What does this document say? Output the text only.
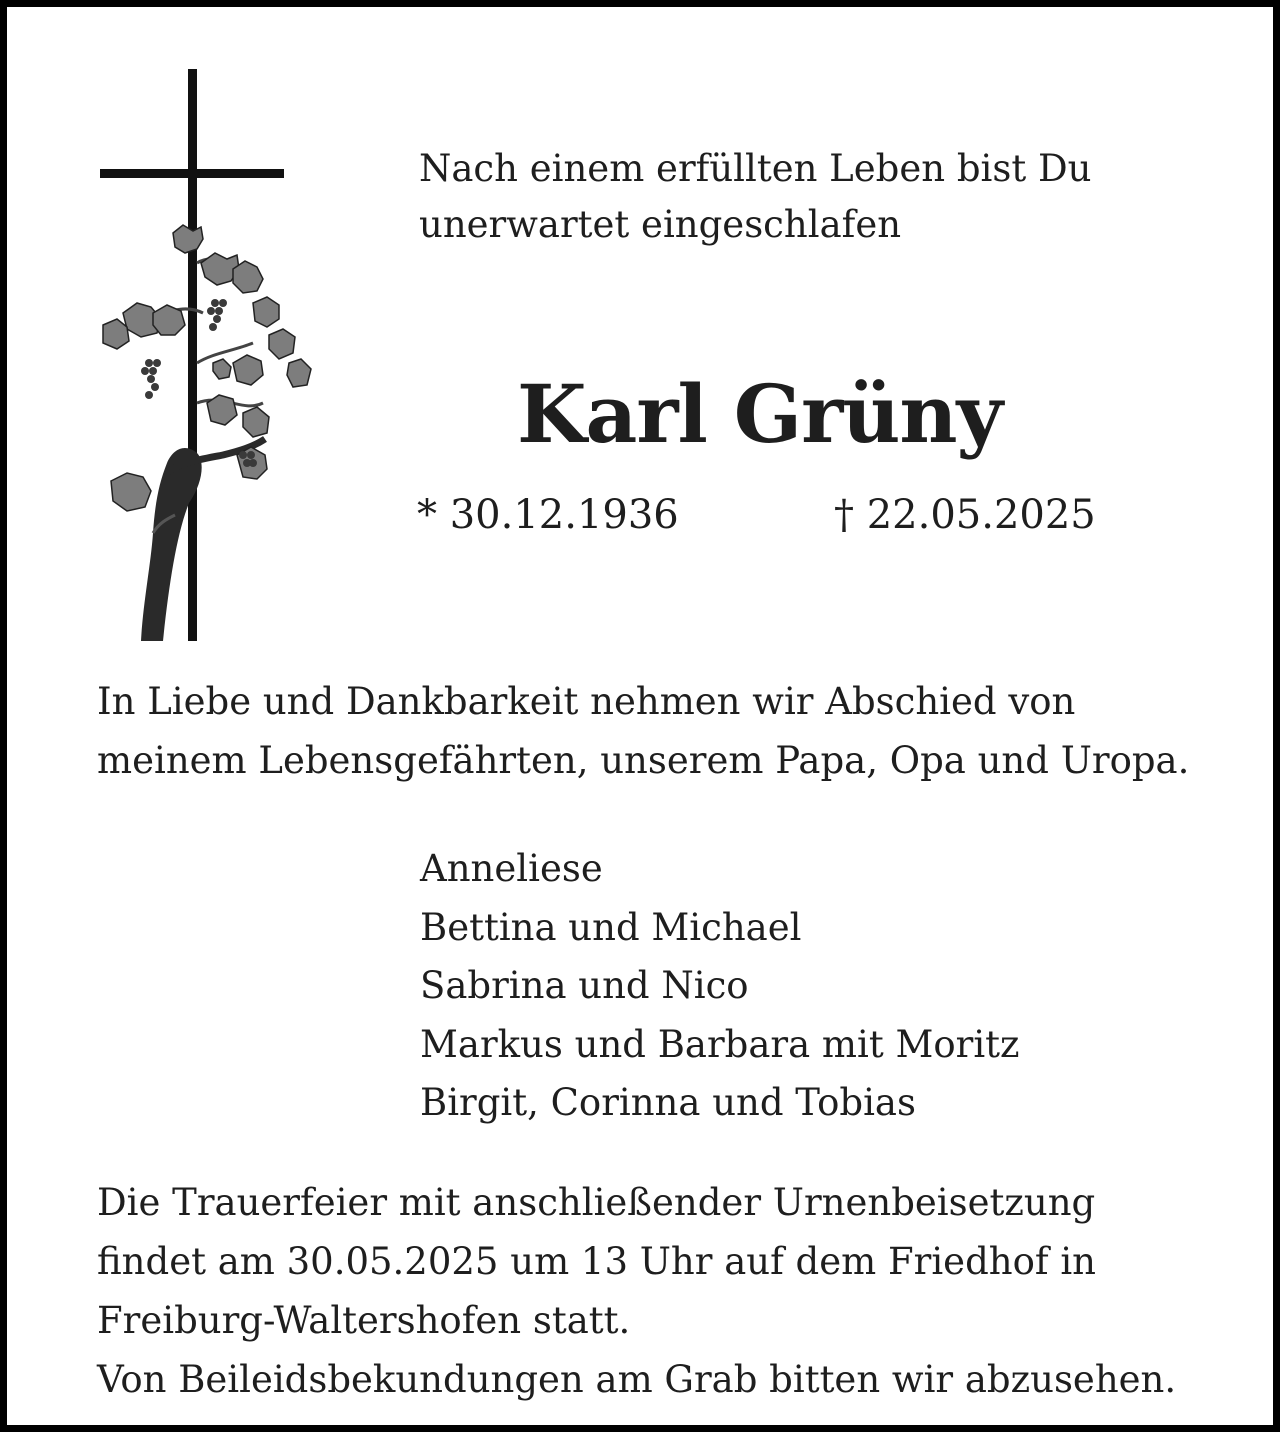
Nach einem erfüllten Leben bist Du
unerwartet eingeschlafen

Karl Grüny
* 30.12.1936	† 22.05.2025

In Liebe und Dankbarkeit nehmen wir Abschied von
meinem Lebensgefährten, unserem Papa, Opa und Uropa.

Anneliese
Bettina und Michael
Sabrina und Nico
Markus und Barbara mit Moritz
Birgit, Corinna und Tobias

Die Trauerfeier mit anschließender Urnenbeisetzung
findet am 30.05.2025 um 13 Uhr auf dem Friedhof in
Freiburg-Waltershofen statt.
Von Beileidsbekundungen am Grab bitten wir abzusehen.
